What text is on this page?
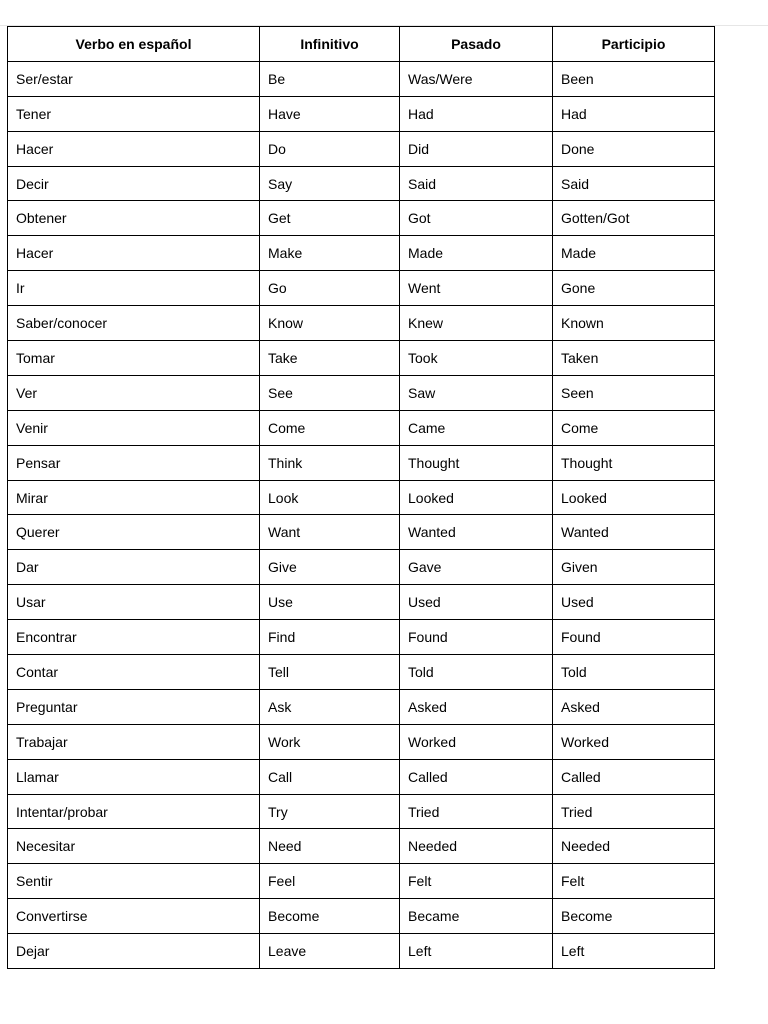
Verbo en español	Infinitivo	Pasado	Participio
Ser/estar	Be	Was/Were	Been
Tener	Have	Had	Had
Hacer	Do	Did	Done
Decir	Say	Said	Said
Obtener	Get	Got	Gotten/Got
Hacer	Make	Made	Made
Ir	Go	Went	Gone
Saber/conocer	Know	Knew	Known
Tomar	Take	Took	Taken
Ver	See	Saw	Seen
Venir	Come	Came	Come
Pensar	Think	Thought	Thought
Mirar	Look	Looked	Looked
Querer	Want	Wanted	Wanted
Dar	Give	Gave	Given
Usar	Use	Used	Used
Encontrar	Find	Found	Found
Contar	Tell	Told	Told
Preguntar	Ask	Asked	Asked
Trabajar	Work	Worked	Worked
Llamar	Call	Called	Called
Intentar/probar	Try	Tried	Tried
Necesitar	Need	Needed	Needed
Sentir	Feel	Felt	Felt
Convertirse	Become	Became	Become
Dejar	Leave	Left	Left
